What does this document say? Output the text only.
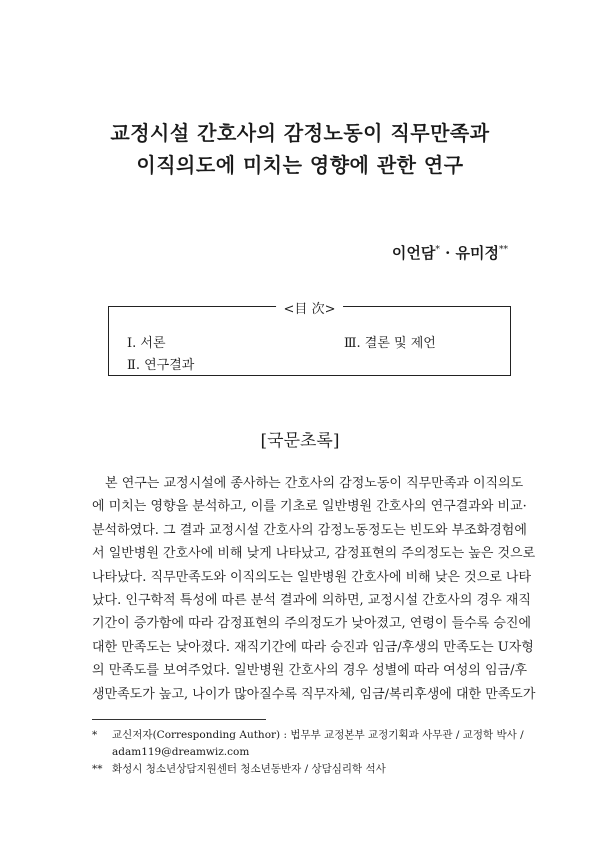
교정시설 간호사의 감정노동이 직무만족과
이직의도에 미치는 영향에 관한 연구
이언담* · 유미정**
<目 次>
Ⅰ. 서론
Ⅱ. 연구결과
Ⅲ. 결론 및 제언
[국문초록]
본 연구는 교정시설에 종사하는 간호사의 감정노동이 직무만족과 이직의도
에 미치는 영향을 분석하고, 이를 기초로 일반병원 간호사의 연구결과와 비교·
분석하였다. 그 결과 교정시설 간호사의 감정노동정도는 빈도와 부조화경험에
서 일반병원 간호사에 비해 낮게 나타났고, 감정표현의 주의정도는 높은 것으로
나타났다. 직무만족도와 이직의도는 일반병원 간호사에 비해 낮은 것으로 나타
났다. 인구학적 특성에 따른 분석 결과에 의하면, 교정시설 간호사의 경우 재직
기간이 증가함에 따라 감정표현의 주의정도가 낮아졌고, 연령이 들수록 승진에
대한 만족도는 낮아졌다. 재직기간에 따라 승진과 임금/후생의 만족도는 U자형
의 만족도를 보여주었다. 일반병원 간호사의 경우 성별에 따라 여성의 임금/후
생만족도가 높고, 나이가 많아질수록 직무자체, 임금/복리후생에 대한 만족도가
* 교신저자(Corresponding Author) : 법무부 교정본부 교정기획과 사무관 / 교정학 박사 /
adam119@dreamwiz.com
** 화성시 청소년상담지원센터 청소년동반자 / 상담심리학 석사
